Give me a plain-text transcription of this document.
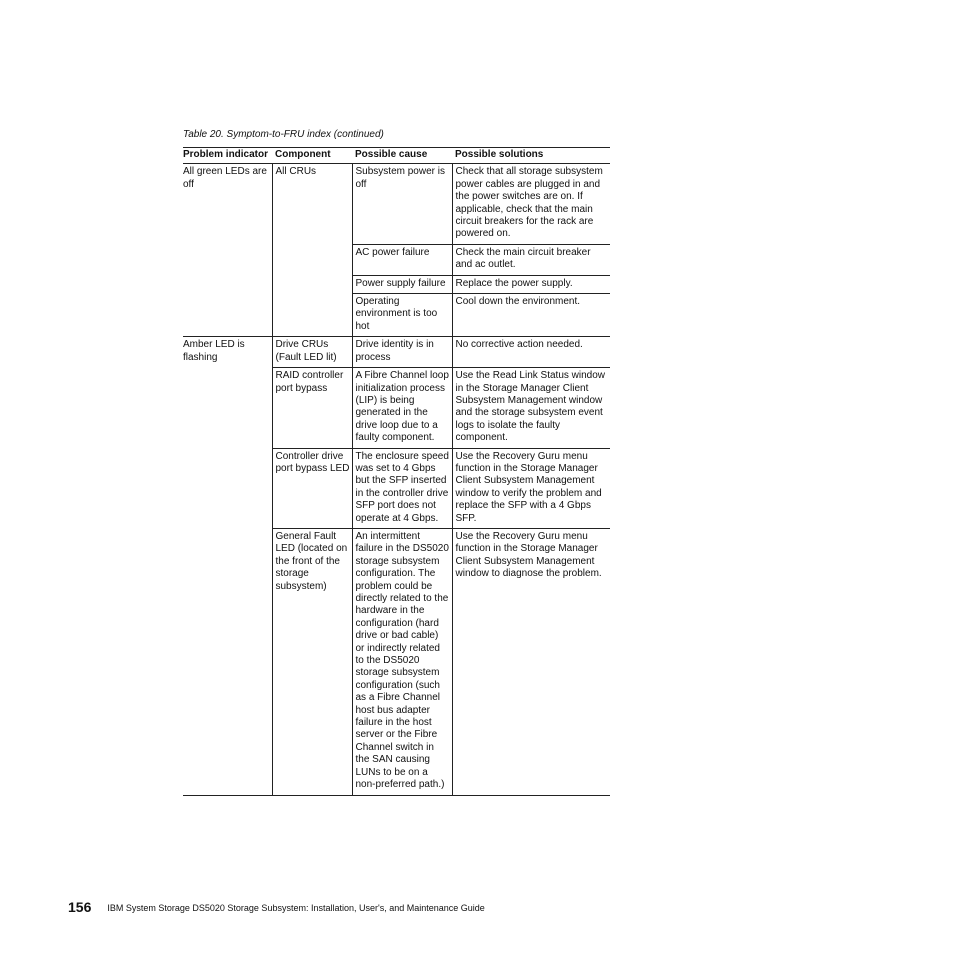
Table 20. Symptom-to-FRU index (continued)
Problem indicator	Component	Possible cause	Possible solutions
All green LEDs are off	All CRUs	Subsystem power is off	Check that all storage subsystem power cables are plugged in and the power switches are on. If applicable, check that the main circuit breakers for the rack are powered on.
		AC power failure	Check the main circuit breaker and ac outlet.
		Power supply failure	Replace the power supply.
		Operating environment is too hot	Cool down the environment.
Amber LED is flashing	Drive CRUs (Fault LED lit)	Drive identity is in process	No corrective action needed.
	RAID controller port bypass	A Fibre Channel loop initialization process (LIP) is being generated in the drive loop due to a faulty component.	Use the Read Link Status window in the Storage Manager Client Subsystem Management window and the storage subsystem event logs to isolate the faulty component.
	Controller drive port bypass LED	The enclosure speed was set to 4 Gbps but the SFP inserted in the controller drive SFP port does not operate at 4 Gbps.	Use the Recovery Guru menu function in the Storage Manager Client Subsystem Management window to verify the problem and replace the SFP with a 4 Gbps SFP.
	General Fault LED (located on the front of the storage subsystem)	An intermittent failure in the DS5020 storage subsystem configuration. The problem could be directly related to the hardware in the configuration (hard drive or bad cable) or indirectly related to the DS5020 storage subsystem configuration (such as a Fibre Channel host bus adapter failure in the host server or the Fibre Channel switch in the SAN causing LUNs to be on a non-preferred path.)	Use the Recovery Guru menu function in the Storage Manager Client Subsystem Management window to diagnose the problem.
156 IBM System Storage DS5020 Storage Subsystem: Installation, User's, and Maintenance Guide
